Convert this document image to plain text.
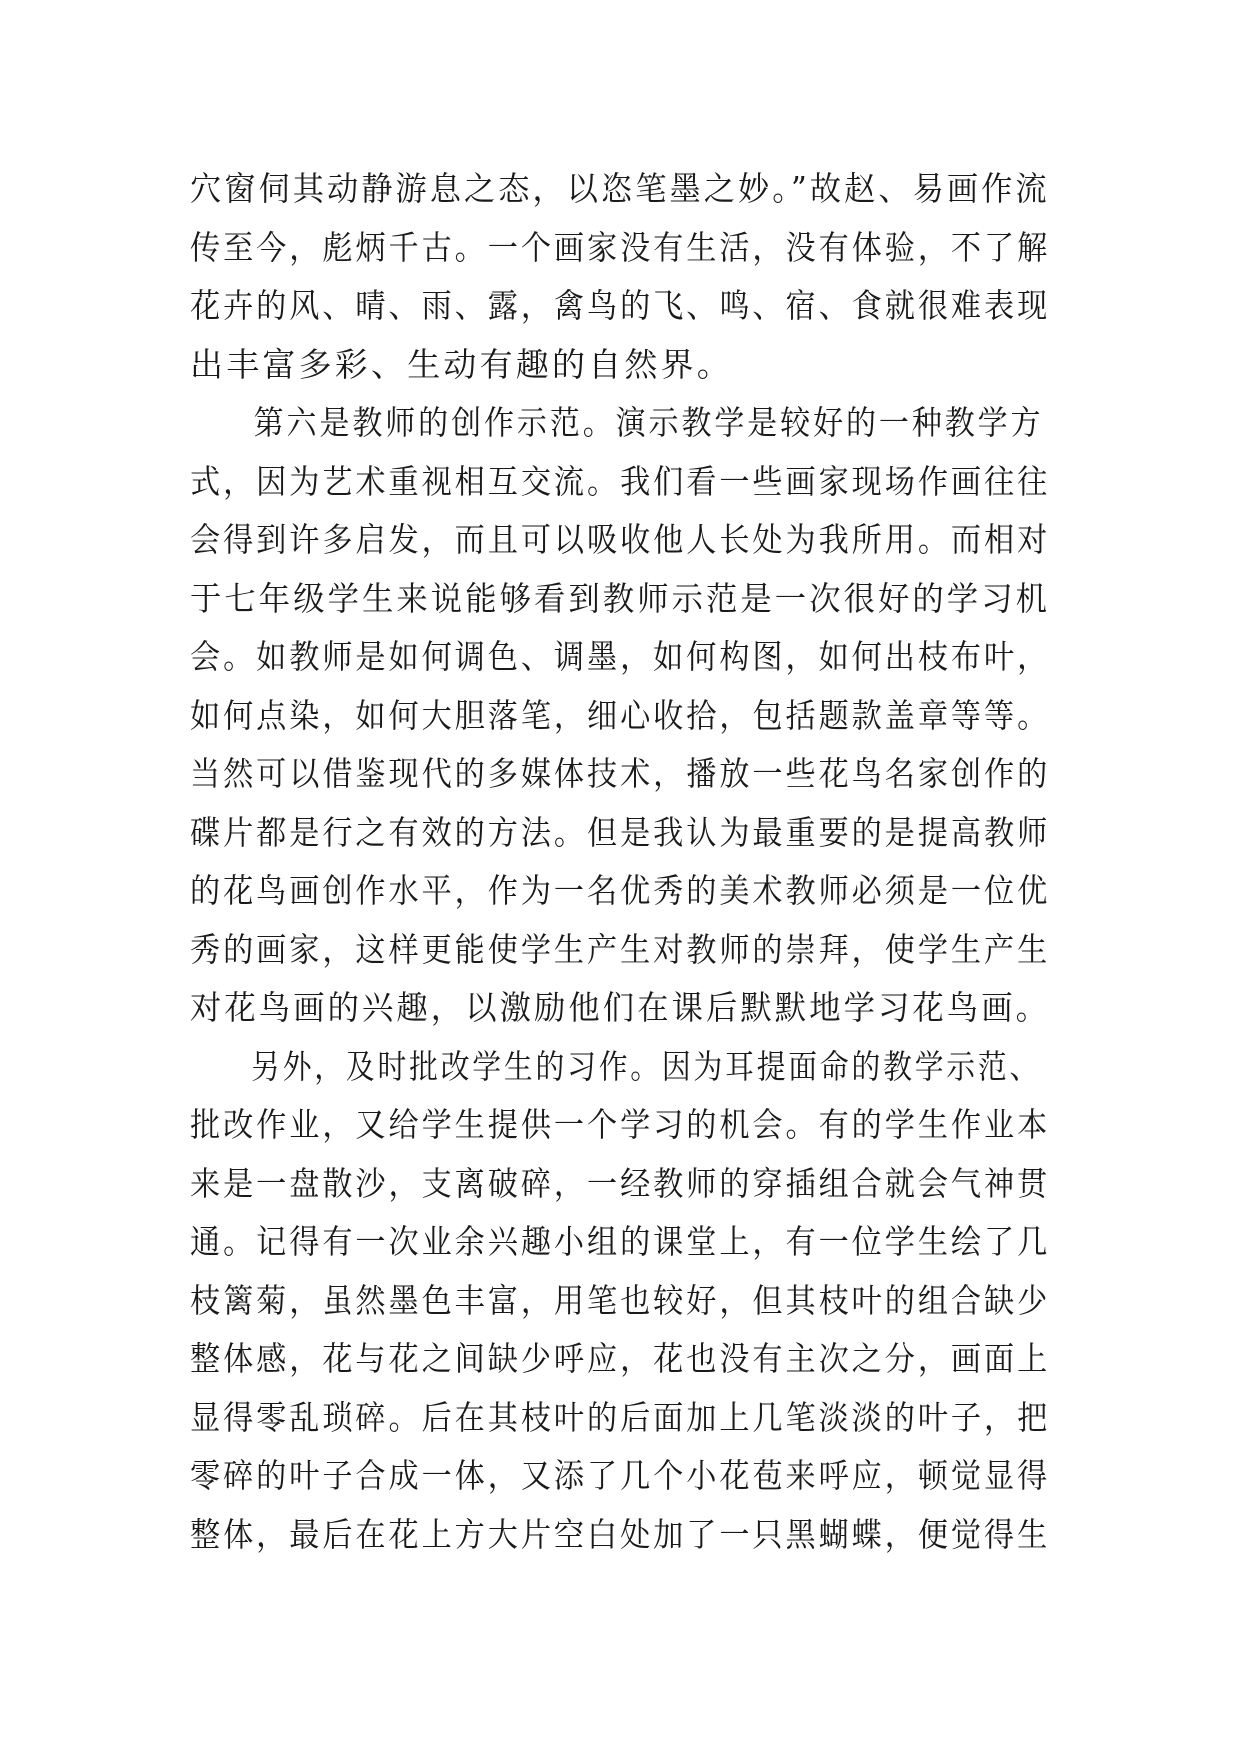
穴窗伺其动静游息之态，以恣笔墨之妙。”故赵、易画作流
传至今，彪炳千古。一个画家没有生活，没有体验，不了解
花卉的风、晴、雨、露，禽鸟的飞、鸣、宿、食就很难表现
出丰富多彩、生动有趣的自然界。
第六是教师的创作示范。演示教学是较好的一种教学方
式，因为艺术重视相互交流。我们看一些画家现场作画往往
会得到许多启发，而且可以吸收他人长处为我所用。而相对
于七年级学生来说能够看到教师示范是一次很好的学习机
会。如教师是如何调色、调墨，如何构图，如何出枝布叶，
如何点染，如何大胆落笔，细心收拾，包括题款盖章等等。
当然可以借鉴现代的多媒体技术，播放一些花鸟名家创作的
碟片都是行之有效的方法。但是我认为最重要的是提高教师
的花鸟画创作水平，作为一名优秀的美术教师必须是一位优
秀的画家，这样更能使学生产生对教师的崇拜，使学生产生
对花鸟画的兴趣，以激励他们在课后默默地学习花鸟画。
另外，及时批改学生的习作。因为耳提面命的教学示范、
批改作业，又给学生提供一个学习的机会。有的学生作业本
来是一盘散沙，支离破碎，一经教师的穿插组合就会气神贯
通。记得有一次业余兴趣小组的课堂上，有一位学生绘了几
枝篱菊，虽然墨色丰富，用笔也较好，但其枝叶的组合缺少
整体感，花与花之间缺少呼应，花也没有主次之分，画面上
显得零乱琐碎。后在其枝叶的后面加上几笔淡淡的叶子，把
零碎的叶子合成一体，又添了几个小花苞来呼应，顿觉显得
整体，最后在花上方大片空白处加了一只黑蝴蝶，便觉得生
